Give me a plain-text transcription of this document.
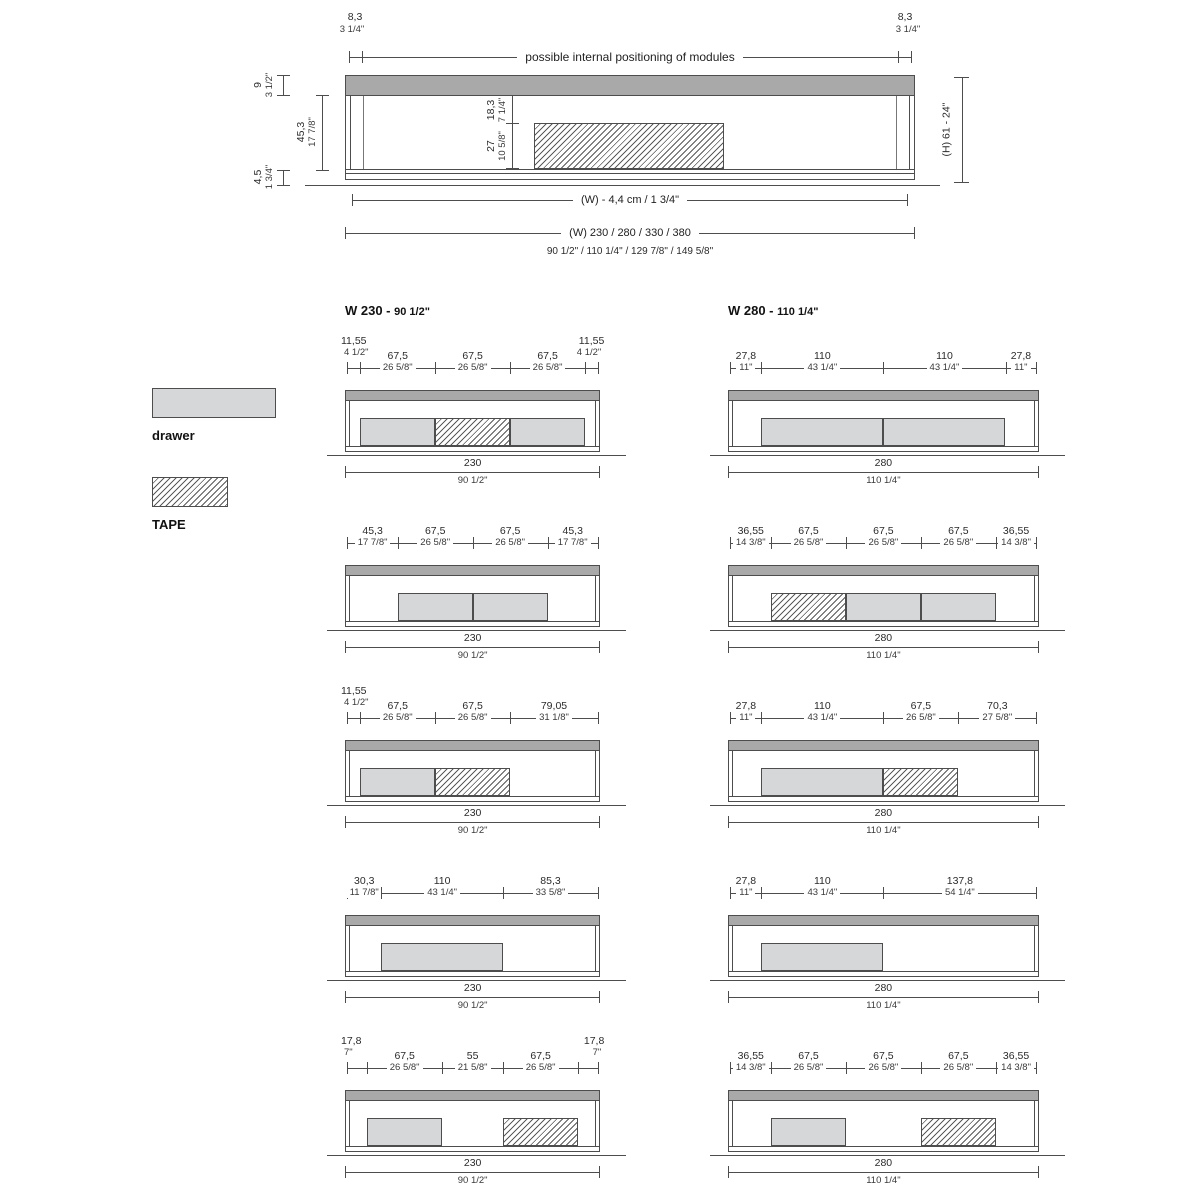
8,3
3 1/4"
8,3
3 1/4"
possible internal positioning of modules
9 3 1/2"
45,3 17 7/8"
4,5 1 3/4"
18,3 7 1/4"
27 10 5/8"	(H) 61 - 24"
(W) - 4,4 cm / 1 3/4"
(W) 230 / 280 / 330 / 380
90 1/2" / 110 1/4" / 129 7/8" / 149 5/8"
drawer
TAPE
W 230 - 90 1/2"
11,55
4 1/2"	67,5
26 5/8"
67,5
26 5/8"
67,5
26 5/8"
11,55
4 1/2"
230
90 1/2"
45,3
17 7/8"
67,5
26 5/8"
67,5
26 5/8"
45,3
17 7/8"
230
90 1/2"
11,55
4 1/2"	67,5
26 5/8"
67,5
26 5/8"
79,05
31 1/8"
230
90 1/2"
30,3
11 7/8"
110
43 1/4"
85,3
33 5/8"
230
90 1/2"
17,8
7"	67,5
26 5/8"
55
21 5/8"
67,5
26 5/8"
17,8
7"
230
90 1/2"
W 280 - 110 1/4"
27,8
11"
110
43 1/4"
110
43 1/4"
27,8
11"
280
110 1/4"
36,55
14 3/8"
67,5
26 5/8"
67,5
26 5/8"
67,5
26 5/8"
36,55
14 3/8"
280
110 1/4"
27,8
11"
110
43 1/4"
67,5
26 5/8"
70,3
27 5/8"
280
110 1/4"
27,8
11"
110
43 1/4"
137,8
54 1/4"
280
110 1/4"
36,55
14 3/8"
67,5
26 5/8"
67,5
26 5/8"
67,5
26 5/8"
36,55
14 3/8"
280
110 1/4"
